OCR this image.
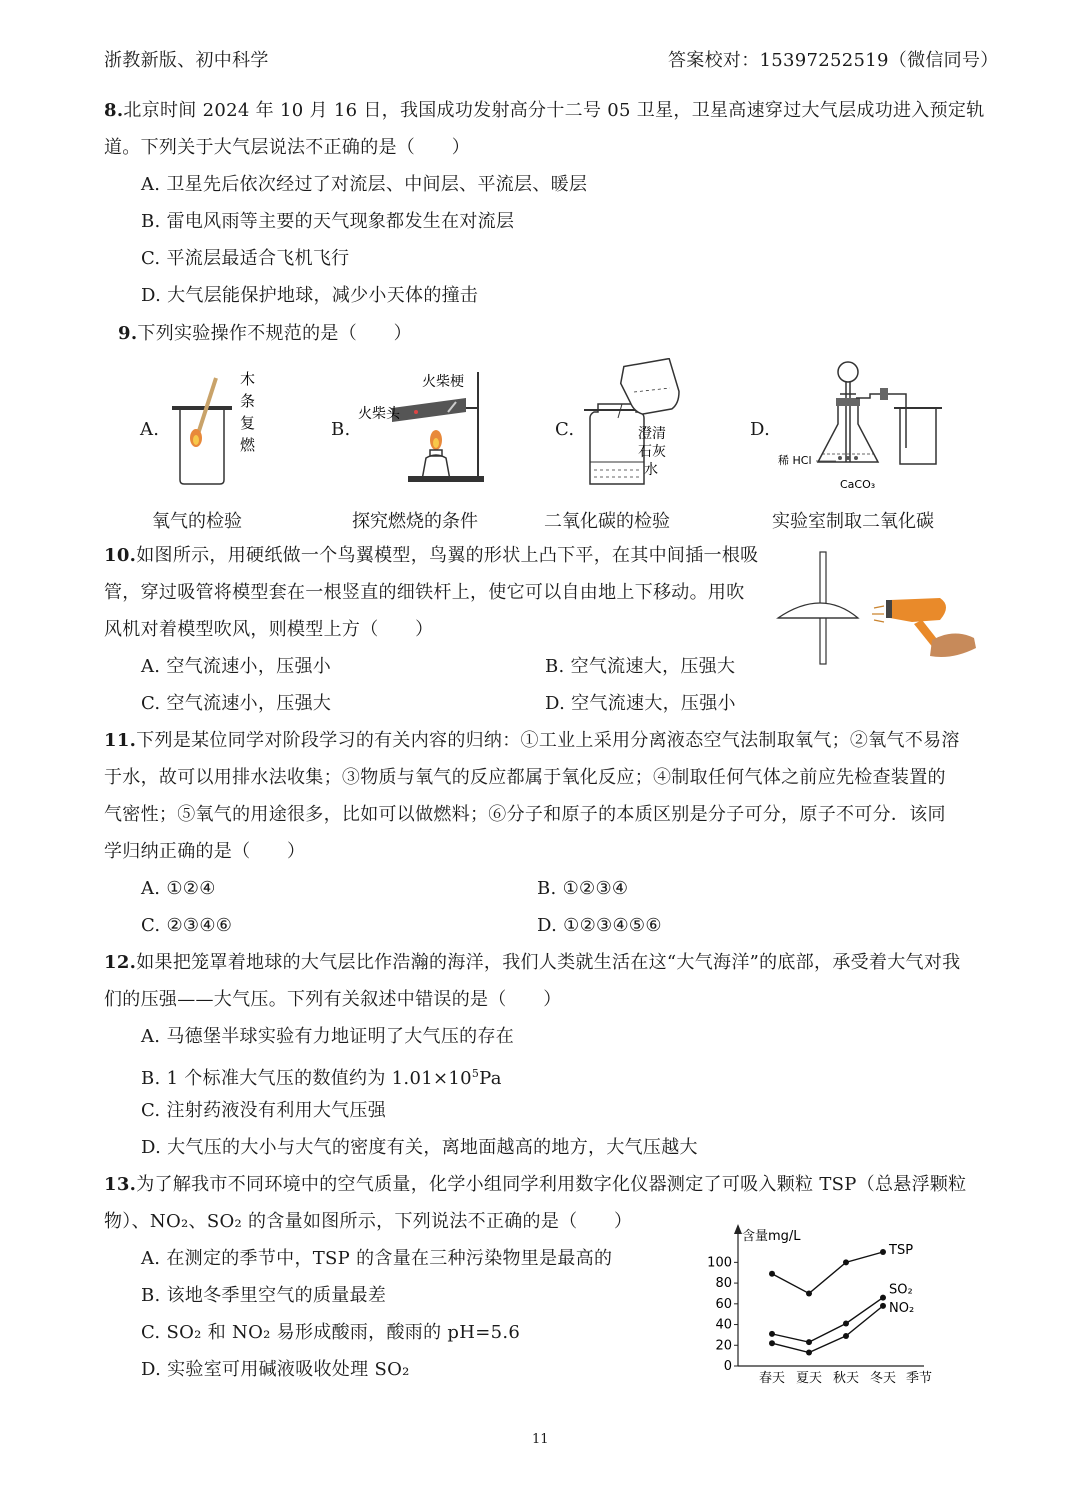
浙教新版、初中科学	答案校对：15397252519（微信同号）
8.北京时间 2024 年 10 月 16 日，我国成功发射高分十二号 05 卫星，卫星高速穿过大气层成功进入预定轨
道。下列关于大气层说法不正确的是（　　）
A. 卫星先后依次经过了对流层、中间层、平流层、暖层
B. 雷电风雨等主要的天气现象都发生在对流层
C. 平流层最适合飞机飞行
D. 大气层能保护地球，减少小天体的撞击
9.下列实验操作不规范的是（　　）
A.	B.	C.	D.
木
条
复
燃
火柴梗
火柴头
澄清
石灰
水
稀 HCl
CaCO₃
氧气的检验	探究燃烧的条件	二氧化碳的检验	实验室制取二氧化碳
10.如图所示，用硬纸做一个鸟翼模型，鸟翼的形状上凸下平，在其中间插一根吸
管，穿过吸管将模型套在一根竖直的细铁杆上，使它可以自由地上下移动。用吹
风机对着模型吹风，则模型上方（　　）
A. 空气流速小，压强小	B. 空气流速大，压强大
C. 空气流速小，压强大	D. 空气流速大，压强小
11.下列是某位同学对阶段学习的有关内容的归纳：①工业上采用分离液态空气法制取氧气；②氧气不易溶
于水，故可以用排水法收集；③物质与氧气的反应都属于氧化反应；④制取任何气体之前应先检查装置的
气密性；⑤氧气的用途很多，比如可以做燃料；⑥分子和原子的本质区别是分子可分，原子不可分．该同
学归纳正确的是（　　）
A. ①②④	B. ①②③④
C. ②③④⑥	D. ①②③④⑤⑥
12.如果把笼罩着地球的大气层比作浩瀚的海洋，我们人类就生活在这“大气海洋”的底部，承受着大气对我
们的压强——大气压。下列有关叙述中错误的是（　　）
A. 马德堡半球实验有力地证明了大气压的存在
B. 1 个标准大气压的数值约为 $1.01\times 10^5Pa$
C. 注射药液没有利用大气压强
D. 大气压的大小与大气的密度有关，离地面越高的地方，大气压越大
13.为了解我市不同环境中的空气质量，化学小组同学利用数字化仪器测定了可吸入颗粒 TSP（总悬浮颗粒
物）、NO₂、SO₂ 的含量如图所示，下列说法不正确的是（　　）
A. 在测定的季节中，TSP 的含量在三种污染物里是最高的
B. 该地冬季里空气的质量最差
C. SO₂ 和 NO₂ 易形成酸雨，酸雨的 pH=5.6
D. 实验室可用碱液吸收处理 SO₂
含量mg/L
季节
0
20
40
60
80
100
春天 夏天 秋天 冬天
TSP
SO₂
NO₂
11
